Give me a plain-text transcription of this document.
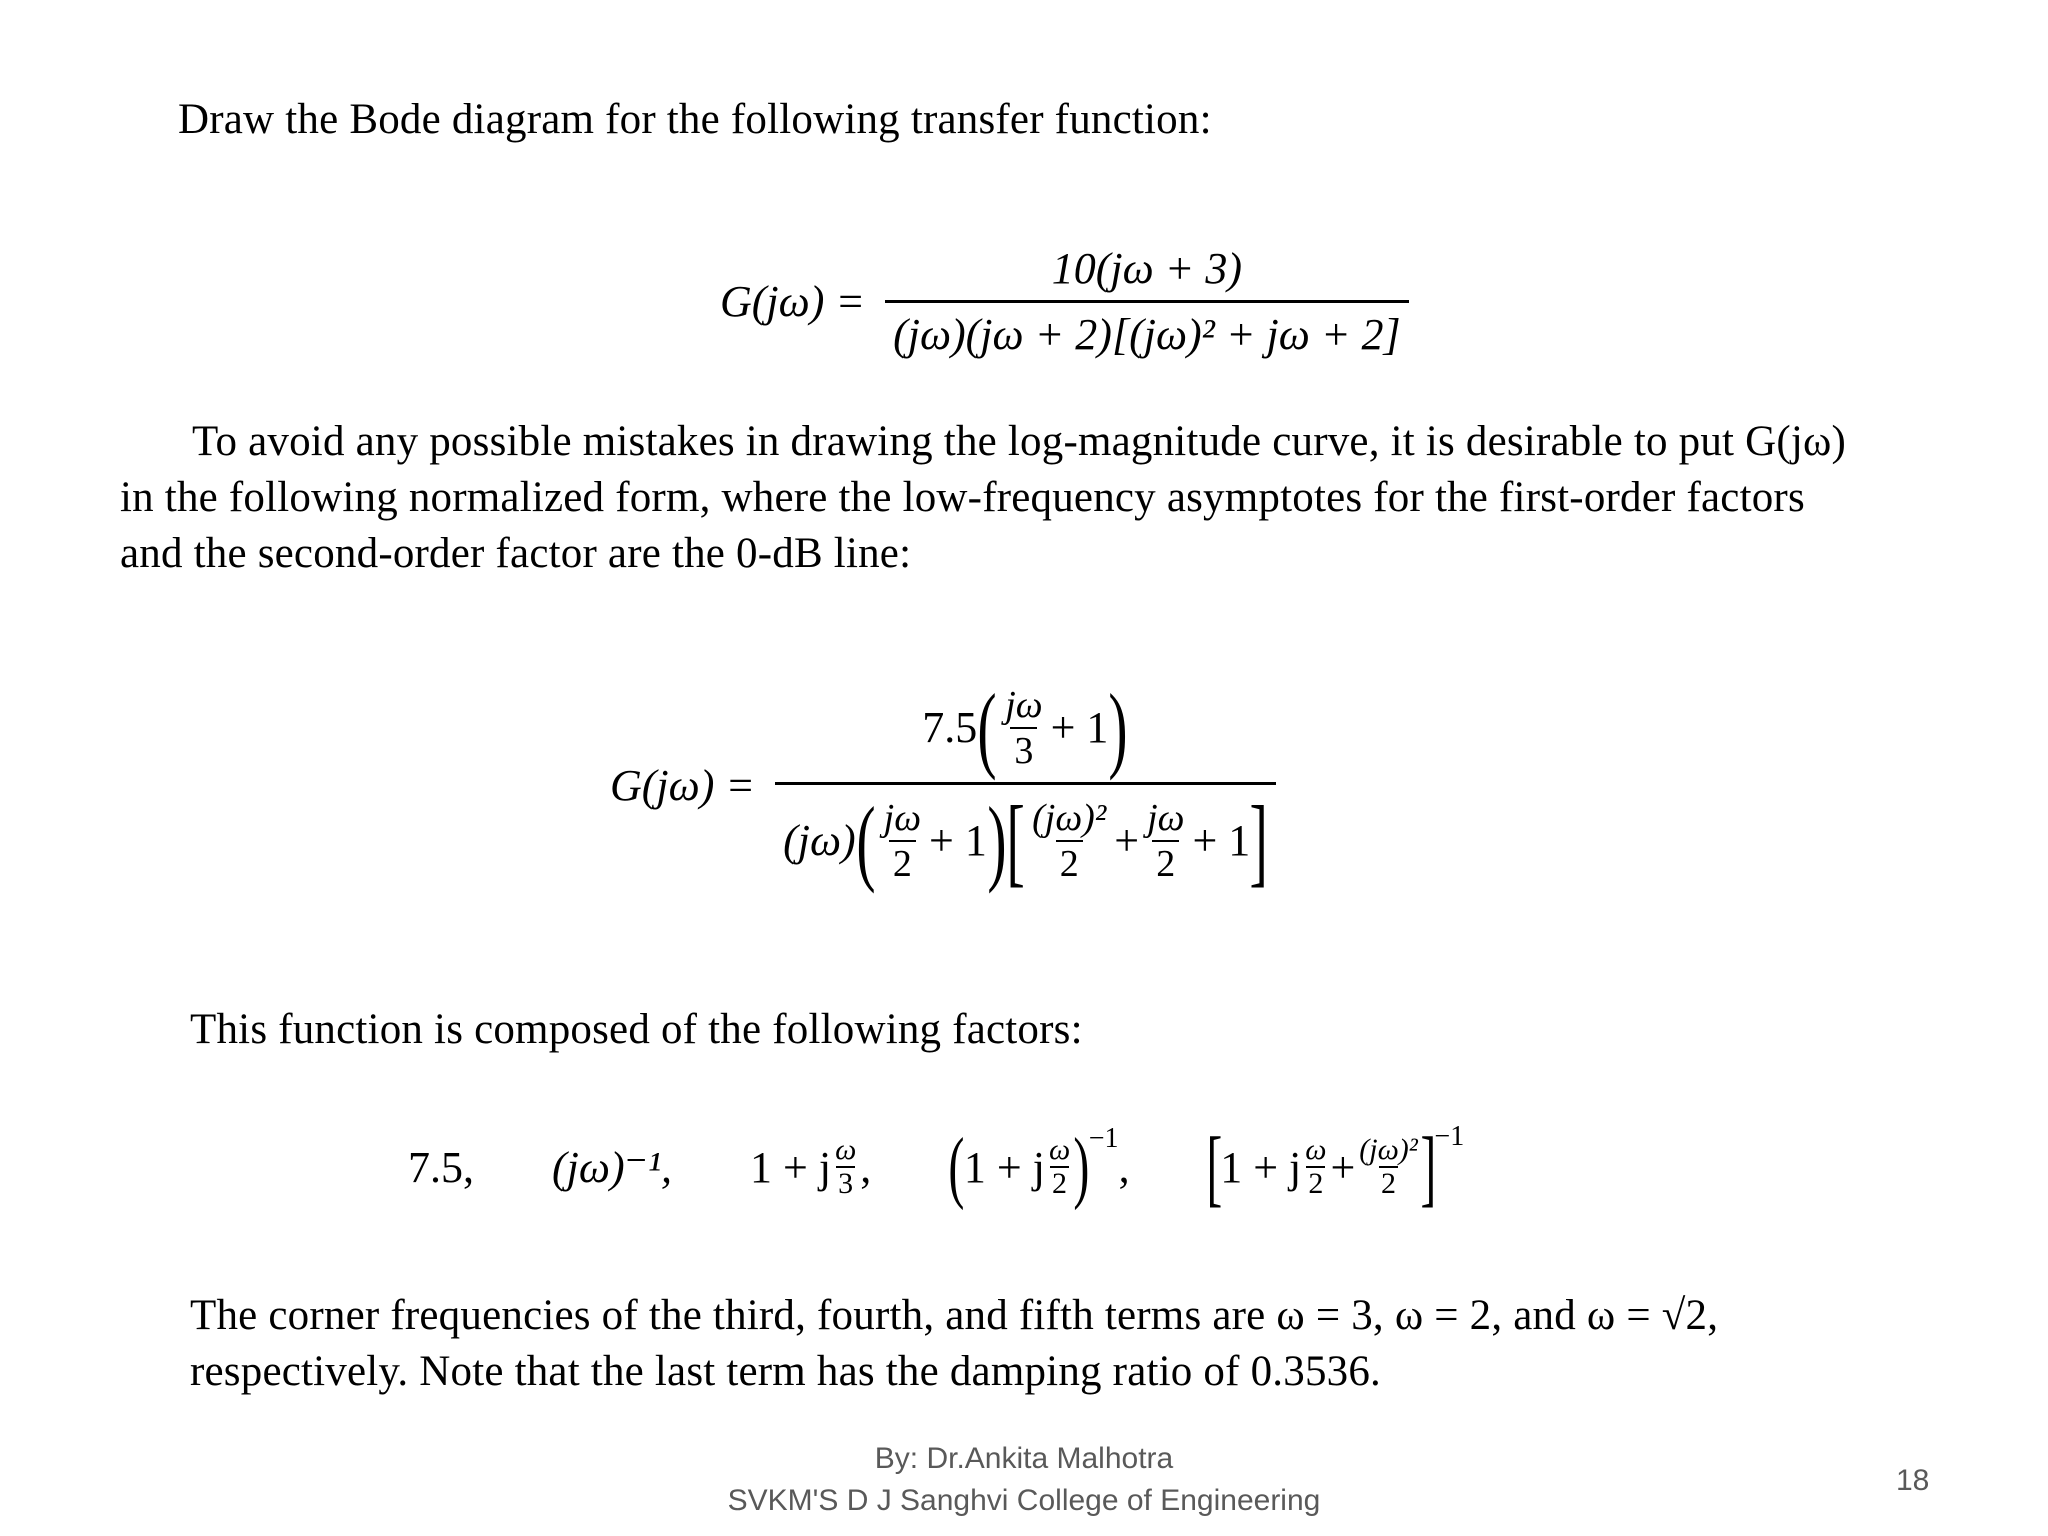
Draw the Bode diagram for the following transfer function:
$G(j\omega) = \frac{10(j\omega + 3)}{\text{(jω)(jω + 2)[(jω)² + jω + 2]}}$
To avoid any possible mistakes in drawing the log-magnitude curve, it is desirable to put G(jω)
in the following normalized form, where the low-frequency asymptotes for the first-order factors
and the second-order factor are the 0-dB line:
G(jω) =
7.5 ( $\frac{j\omega}{3} + 1$ )
(jω) ( $\frac{j\omega}{2} + 1$ ) [ $\frac{\text{(jω)²}}{2} + \frac{j\omega}{2} + 1$ ]
This function is composed of the following factors:
7.5, (jω)⁻¹, 1 + j $\frac{\omega}{3}$ , ( 1 + j $\frac{\omega}{2}$ ) −1
, [
1 + j $\frac{\omega}{2} + \frac{\text{(jω)²}}{2}$ ]
−1
The corner frequencies of the third, fourth, and fifth terms are ω = 3, ω = 2, and ω = √2,
respectively. Note that the last term has the damping ratio of 0.3536.
By: Dr.Ankita Malhotra
SVKM'S D J Sanghvi College of Engineering
18
